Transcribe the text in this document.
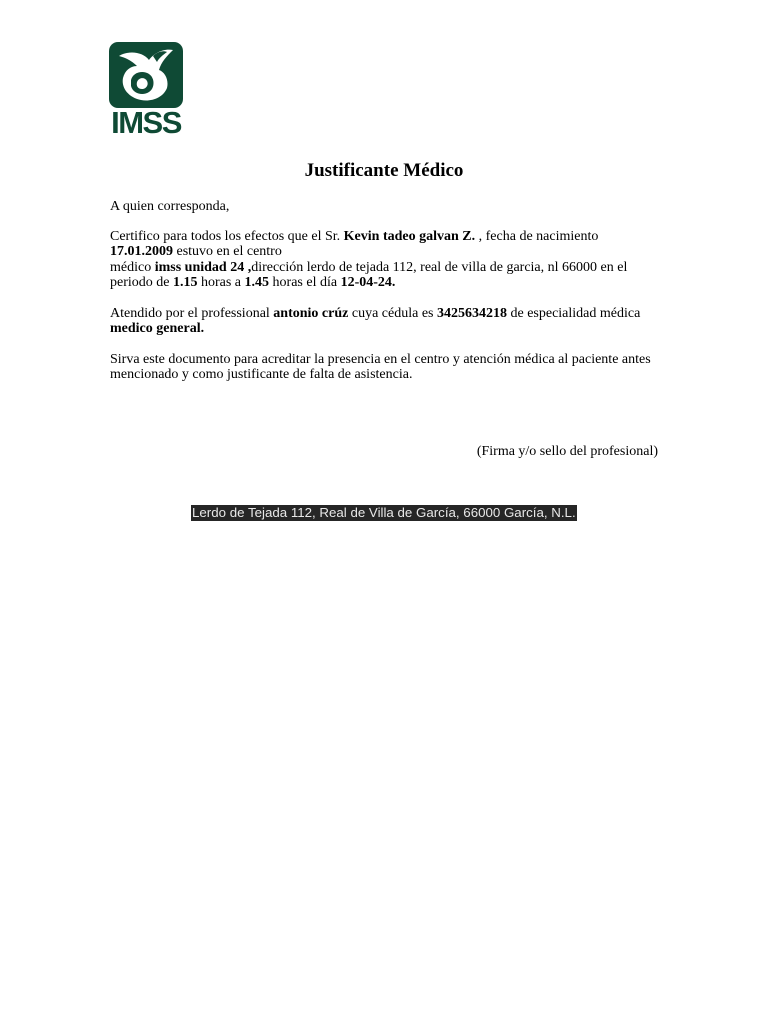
IMSS
Justificante Médico

A quien corresponda,

Certifico para todos los efectos que el Sr. Kevin tadeo galvan Z. , fecha de nacimiento
17.01.2009 estuvo en el centro
médico imss unidad 24 ,dirección lerdo de tejada 112, real de villa de garcia, nl 66000 en el periodo de 1.15 horas a 1.45 horas el día 12-04-24.

Atendido por el professional antonio crúz cuya cédula es 3425634218 de especialidad médica medico general.

Sirva este documento para acreditar la presencia en el centro y atención médica al paciente antes mencionado y como justificante de falta de asistencia.

(Firma y/o sello del profesional)
Lerdo de Tejada 112, Real de Villa de García, 66000 García, N.L.
